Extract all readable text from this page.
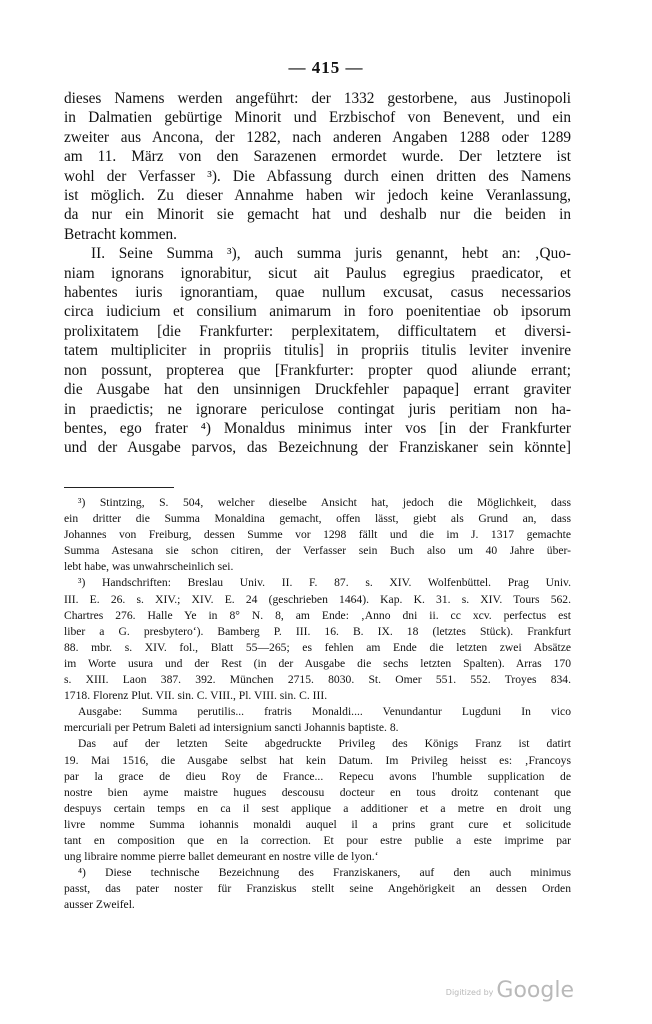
— 415 —

dieses Namens werden angeführt: der 1332 gestorbene, aus Justinopoli
in Dalmatien gebürtige Minorit und Erzbischof von Benevent, und ein
zweiter aus Ancona, der 1282, nach anderen Angaben 1288 oder 1289
am 11. März von den Sarazenen ermordet wurde. Der letztere ist
wohl der Verfasser ³). Die Abfassung durch einen dritten des Namens
ist möglich. Zu dieser Annahme haben wir jedoch keine Veranlassung,
da nur ein Minorit sie gemacht hat und deshalb nur die beiden in
Betracht kommen.

II. Seine Summa ³), auch summa juris genannt, hebt an: ‚Quo-
niam ignorans ignorabitur, sicut ait Paulus egregius praedicator, et
habentes iuris ignorantiam, quae nullum excusat, casus necessarios
circa iudicium et consilium animarum in foro poenitentiae ob ipsorum
prolixitatem [die Frankfurter: perplexitatem, difficultatem et diversi-
tatem multipliciter in propriis titulis] in propriis titulis leviter invenire
non possunt, propterea que [Frankfurter: propter quod aliunde errant;
die Ausgabe hat den unsinnigen Druckfehler papaque] errant graviter
in praedictis; ne ignorare periculose contingat juris peritiam non ha-
bentes, ego frater ⁴) Monaldus minimus inter vos [in der Frankfurter
und der Ausgabe parvos, das Bezeichnung der Franziskaner sein könnte]

³) Stintzing, S. 504, welcher dieselbe Ansicht hat, jedoch die Möglichkeit, dass
ein dritter die Summa Monaldina gemacht, offen lässt, giebt als Grund an, dass
Johannes von Freiburg, dessen Summe vor 1298 fällt und die im J. 1317 gemachte
Summa Astesana sie schon citiren, der Verfasser sein Buch also um 40 Jahre über-
lebt habe, was unwahrscheinlich sei.

³) Handschriften: Breslau Univ. II. F. 87. s. XIV. Wolfenbüttel. Prag Univ.
III. E. 26. s. XIV.; XIV. E. 24 (geschrieben 1464). Kap. K. 31. s. XIV. Tours 562.
Chartres 276. Halle Ye in 8° N. 8, am Ende: ‚Anno dni ii. cc xcv. perfectus est
liber a G. presbytero‘). Bamberg P. III. 16. B. IX. 18 (letztes Stück). Frankfurt
88. mbr. s. XIV. fol., Blatt 55—265; es fehlen am Ende die letzten zwei Absätze
im Worte usura und der Rest (in der Ausgabe die sechs letzten Spalten). Arras 170
s. XIII. Laon 387. 392. München 2715. 8030. St. Omer 551. 552. Troyes 834.
1718. Florenz Plut. VII. sin. C. VIII., Pl. VIII. sin. C. III.

Ausgabe: Summa perutilis... fratris Monaldi.... Venundantur Lugduni In vico
mercuriali per Petrum Baleti ad intersignium sancti Johannis baptiste. 8.

Das auf der letzten Seite abgedruckte Privileg des Königs Franz ist datirt
19. Mai 1516, die Ausgabe selbst hat kein Datum. Im Privileg heisst es: ‚Francoys
par la grace de dieu Roy de France... Repecu avons l'humble supplication de
nostre bien ayme maistre hugues descousu docteur en tous droitz contenant que
despuys certain temps en ca il sest applique a additioner et a metre en droit ung
livre nomme Summa iohannis monaldi auquel il a prins grant cure et solicitude
tant en composition que en la correction. Et pour estre publie a este imprime par
ung libraire nomme pierre ballet demeurant en nostre ville de lyon.‘

⁴) Diese technische Bezeichnung des Franziskaners, auf den auch minimus
passt, das pater noster für Franziskus stellt seine Angehörigkeit an dessen Orden
ausser Zweifel.

Digitized by Google
